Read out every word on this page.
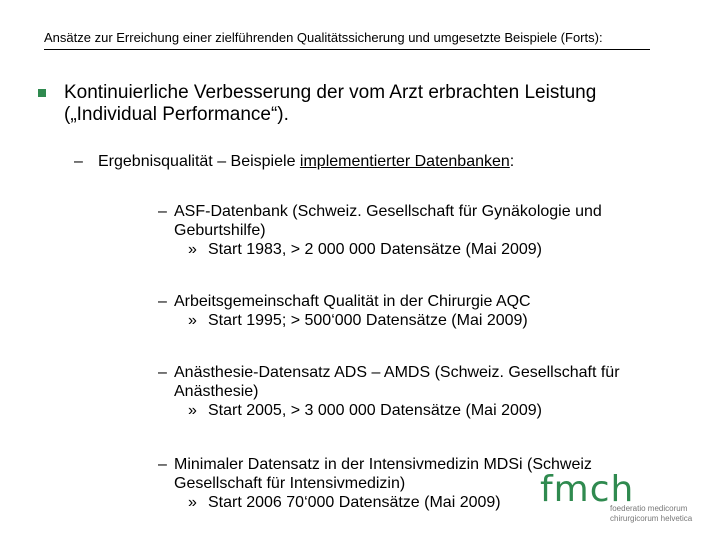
Ansätze zur Erreichung einer zielführenden Qualitätssicherung und umgesetzte Beispiele (Forts):
Kontinuierliche Verbesserung der vom Arzt erbrachten Leistung
(„Individual Performance“).
– Ergebnisqualität – Beispiele implementierter Datenbanken:
– ASF-Datenbank (Schweiz. Gesellschaft für Gynäkologie und
Geburtshilfe)
» Start 1983, > 2 000 000 Datensätze (Mai 2009)
– Arbeitsgemeinschaft Qualität in der Chirurgie AQC
» Start 1995; > 500‘000 Datensätze (Mai 2009)
– Anästhesie-Datensatz ADS – AMDS (Schweiz. Gesellschaft für
Anästhesie)
» Start 2005, > 3 000 000 Datensätze (Mai 2009)
– Minimaler Datensatz in der Intensivmedizin MDSi (Schweiz
Gesellschaft für Intensivmedizin)
» Start 2006 70‘000 Datensätze (Mai 2009)	fmch
foederatio medicorum
chirurgicorum helvetica
